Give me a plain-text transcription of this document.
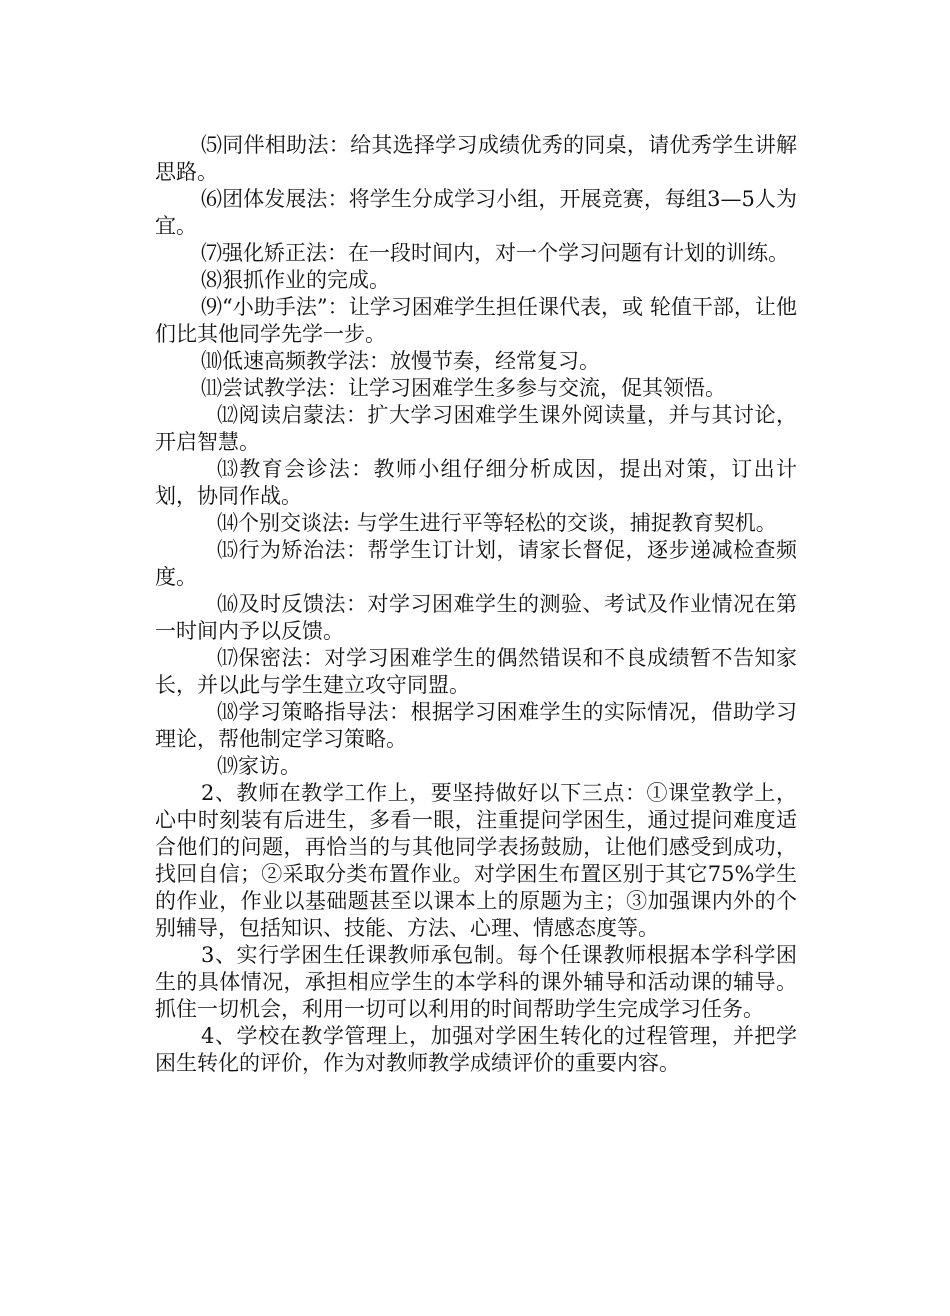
⑸同伴相助法：给其选择学习成绩优秀的同桌，请优秀学生讲解思路。

⑹团体发展法：将学生分成学习小组，开展竞赛，每组3—5人为宜。

⑺强化矫正法：在一段时间内，对一个学习问题有计划的训练。

⑻狠抓作业的完成。

⑼“小助手法”：让学习困难学生担任课代表，或 轮值干部，让他们比其他同学先学一步。

⑽低速高频教学法：放慢节奏，经常复习。

⑾尝试教学法：让学习困难学生多参与交流，促其领悟。

⑿阅读启蒙法：扩大学习困难学生课外阅读量，并与其讨论，开启智慧。

⒀教育会诊法：教师小组仔细分析成因，提出对策，订出计划，协同作战。

⒁个别交谈法: 与学生进行平等轻松的交谈，捕捉教育契机。

⒂行为矫治法：帮学生订计划，请家长督促，逐步递减检查频度。

⒃及时反馈法：对学习困难学生的测验、考试及作业情况在第一时间内予以反馈。

⒄保密法：对学习困难学生的偶然错误和不良成绩暂不告知家长，并以此与学生建立攻守同盟。

⒅学习策略指导法：根据学习困难学生的实际情况，借助学习理论，帮他制定学习策略。

⒆家访。

2、教师在教学工作上，要坚持做好以下三点：①课堂教学上，心中时刻装有后进生，多看一眼，注重提问学困生，通过提问难度适合他们的问题，再恰当的与其他同学表扬鼓励，让他们感受到成功，找回自信；②采取分类布置作业。对学困生布置区别于其它75%学生的作业，作业以基础题甚至以课本上的原题为主；③加强课内外的个别辅导，包括知识、技能、方法、心理、情感态度等。

3、实行学困生任课教师承包制。每个任课教师根据本学科学困生的具体情况，承担相应学生的本学科的课外辅导和活动课的辅导。抓住一切机会，利用一切可以利用的时间帮助学生完成学习任务。

4、学校在教学管理上，加强对学困生转化的过程管理，并把学困生转化的评价，作为对教师教学成绩评价的重要内容。
